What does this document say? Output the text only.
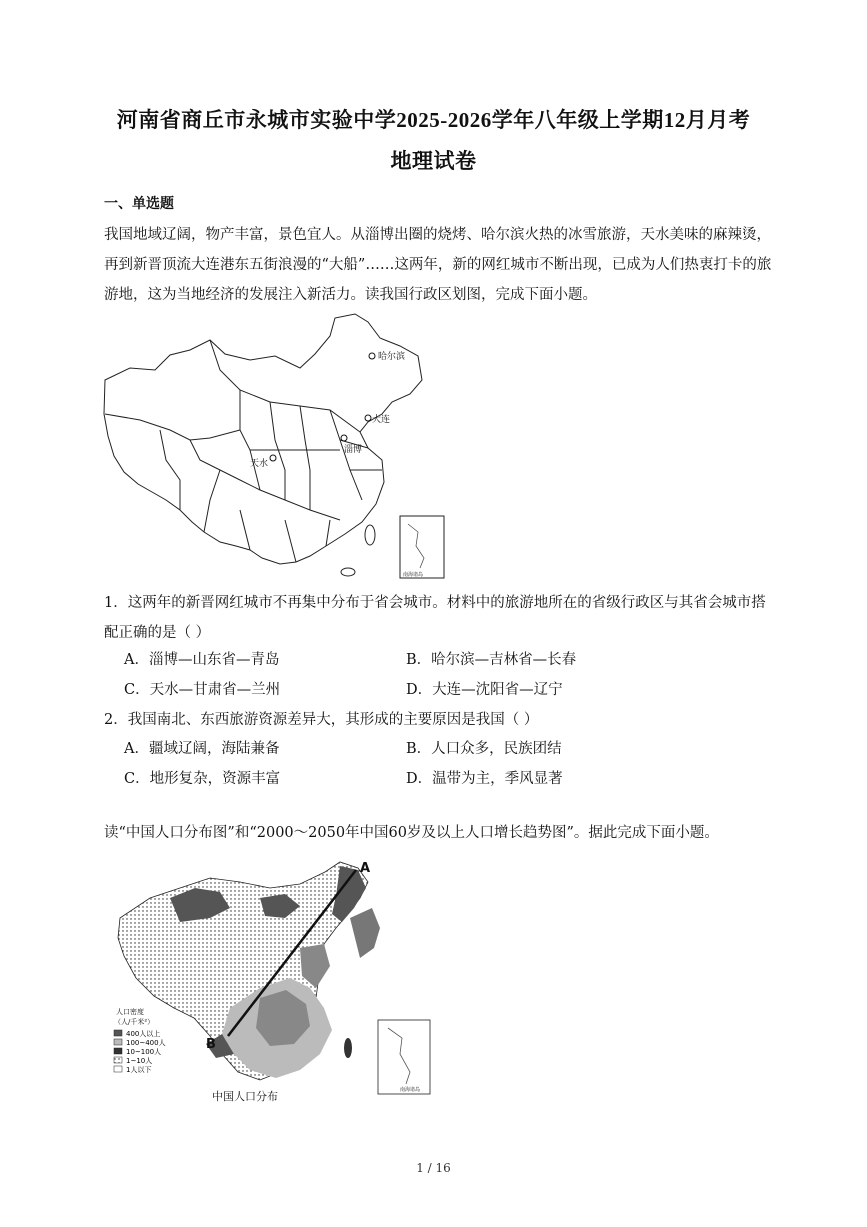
河南省商丘市永城市实验中学2025-2026学年八年级上学期12月月考
地理试卷
一、单选题
我国地域辽阔，物产丰富，景色宜人。从淄博出圈的烧烤、哈尔滨火热的冰雪旅游，天水美味的麻辣烫，再到新晋顶流大连港东五街浪漫的“大船”……这两年，新的网红城市不断出现，已成为人们热衷打卡的旅游地，这为当地经济的发展注入新活力。读我国行政区划图，完成下面小题。
南海诸岛
哈尔滨
大连
淄博
天水
1．这两年的新晋网红城市不再集中分布于省会城市。材料中的旅游地所在的省级行政区与其省会城市搭配正确的是（ ）
A．淄博—山东省—青岛	B．哈尔滨—吉林省—长春
C．天水—甘肃省—兰州	D．大连—沈阳省—辽宁
2．我国南北、东西旅游资源差异大，其形成的主要原因是我国（ ）
A．疆域辽阔，海陆兼备	B．人口众多，民族团结
C．地形复杂，资源丰富	D．温带为主，季风显著
读“中国人口分布图”和“2000～2050年中国60岁及以上人口增长趋势图”。据此完成下面小题。
A
B
人口密度
（人/千米²）
400人以上
100~400人
10~100人
1~10人
1人以下
南海诸岛
中国人口分布
1 / 16
